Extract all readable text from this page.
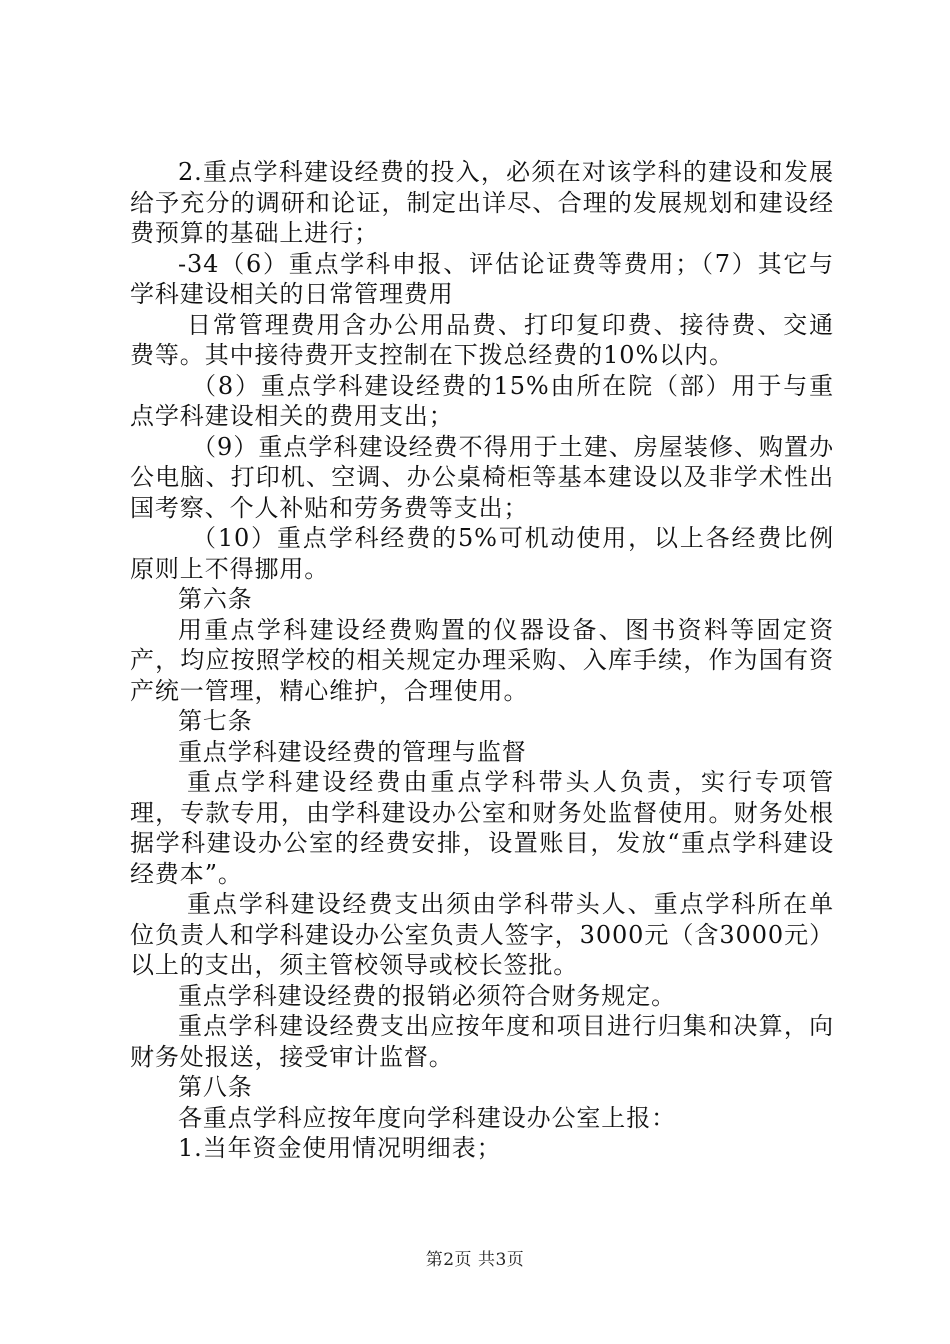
2.重点学科建设经费的投入，必须在对该学科的建设和发展给予充分的调研和论证，制定出详尽、合理的发展规划和建设经费预算的基础上进行；

-34（6）重点学科申报、评估论证费等费用；（7）其它与学科建设相关的日常管理费用

日常管理费用含办公用品费、打印复印费、接待费、交通费等。其中接待费开支控制在下拨总经费的10%以内。

（8）重点学科建设经费的15%由所在院（部）用于与重点学科建设相关的费用支出；

（9）重点学科建设经费不得用于土建、房屋装修、购置办公电脑、打印机、空调、办公桌椅柜等基本建设以及非学术性出国考察、个人补贴和劳务费等支出；

（10）重点学科经费的5%可机动使用，以上各经费比例原则上不得挪用。

第六条

用重点学科建设经费购置的仪器设备、图书资料等固定资产，均应按照学校的相关规定办理采购、入库手续，作为国有资产统一管理，精心维护，合理使用。

第七条

重点学科建设经费的管理与监督

重点学科建设经费由重点学科带头人负责，实行专项管理，专款专用，由学科建设办公室和财务处监督使用。财务处根据学科建设办公室的经费安排，设置账目，发放“重点学科建设经费本”。

重点学科建设经费支出须由学科带头人、重点学科所在单位负责人和学科建设办公室负责人签字，3000元（含3000元）以上的支出，须主管校领导或校长签批。

重点学科建设经费的报销必须符合财务规定。

重点学科建设经费支出应按年度和项目进行归集和决算，向财务处报送，接受审计监督。

第八条

各重点学科应按年度向学科建设办公室上报：

1.当年资金使用情况明细表；

第2页 共3页
